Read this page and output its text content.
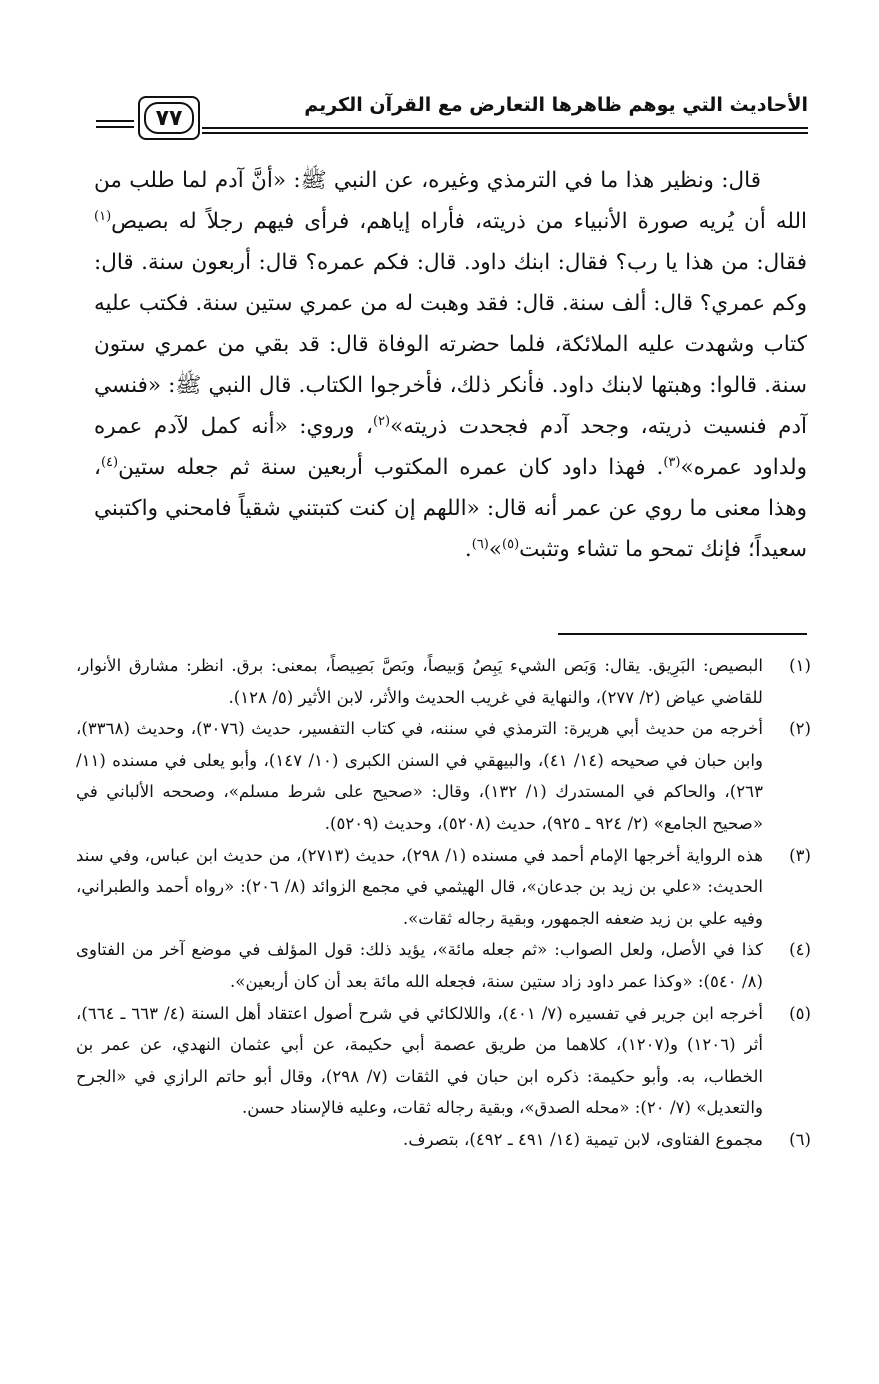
الأحاديث التي يوهم ظاهرها التعارض مع القرآن الكريم
٧٧

قال: ونظير هذا ما في الترمذي وغيره، عن النبي ﷺ: «أنَّ آدم لما طلب من الله أن يُريه صورة الأنبياء من ذريته، فأراه إياهم، فرأى فيهم رجلاً له بصيص$^{(١)}$ فقال: من هذا يا رب؟ فقال: ابنك داود. قال: فكم عمره؟ قال: أربعون سنة. قال: وكم عمري؟ قال: ألف سنة. قال: فقد وهبت له من عمري ستين سنة. فكتب عليه كتاب وشهدت عليه الملائكة، فلما حضرته الوفاة قال: قد بقي من عمري ستون سنة. قالوا: وهبتها لابنك داود. فأنكر ذلك، فأخرجوا الكتاب. قال النبي ﷺ: «فنسي آدم فنسيت ذريته، وجحد آدم فجحدت ذريته»$^{(٢)}$، وروي: «أنه كمل لآدم عمره ولداود عمره»$^{(٣)}$. فهذا داود كان عمره المكتوب أربعين سنة ثم جعله ستين$^{(٤)}$، وهذا معنى ما روي عن عمر أنه قال: «اللهم إن كنت كتبتني شقياً فامحني واكتبني سعيداً؛ فإنك تمحو ما تشاء وتثبت$^{(٥)}$»$^{(٦)}$.

(١)
البصيص: البَرِيق. يقال: وَبَص الشيء يَبِصُ وَبيصاً، وبَصَّ بَصِيصاً، بمعنى: برق. انظر: مشارق الأنوار، للقاضي عياض (٢/ ٢٧٧)، والنهاية في غريب الحديث والأثر، لابن الأثير (٥/ ١٢٨).
(٢)
أخرجه من حديث أبي هريرة: الترمذي في سننه، في كتاب التفسير، حديث (٣٠٧٦)، وحديث (٣٣٦٨)، وابن حبان في صحيحه (١٤/ ٤١)، والبيهقي في السنن الكبرى (١٠/ ١٤٧)، وأبو يعلى في مسنده (١١/ ٢٦٣)، والحاكم في المستدرك (١/ ١٣٢)، وقال: «صحيح على شرط مسلم»، وصححه الألباني في «صحيح الجامع» (٢/ ٩٢٤ ـ ٩٢٥)، حديث (٥٢٠٨)، وحديث (٥٢٠٩).
(٣)
هذه الرواية أخرجها الإمام أحمد في مسنده (١/ ٢٩٨)، حديث (٢٧١٣)، من حديث ابن عباس، وفي سند الحديث: «علي بن زيد بن جدعان»، قال الهيثمي في مجمع الزوائد (٨/ ٢٠٦): «رواه أحمد والطبراني، وفيه علي بن زيد ضعفه الجمهور، وبقية رجاله ثقات».
(٤)
كذا في الأصل، ولعل الصواب: «ثم جعله مائة»، يؤيد ذلك: قول المؤلف في موضع آخر من الفتاوى (٨/ ٥٤٠): «وكذا عمر داود زاد ستين سنة، فجعله الله مائة بعد أن كان أربعين».
(٥)
أخرجه ابن جرير في تفسيره (٧/ ٤٠١)، واللالكائي في شرح أصول اعتقاد أهل السنة (٤/ ٦٦٣ ـ ٦٦٤)، أثر (١٢٠٦) و(١٢٠٧)، كلاهما من طريق عصمة أبي حكيمة، عن أبي عثمان النهدي، عن عمر بن الخطاب، به. وأبو حكيمة: ذكره ابن حبان في الثقات (٧/ ٢٩٨)، وقال أبو حاتم الرازي في «الجرح والتعديل» (٧/ ٢٠): «محله الصدق»، وبقية رجاله ثقات، وعليه فالإسناد حسن.
(٦)
مجموع الفتاوى، لابن تيمية (١٤/ ٤٩١ ـ ٤٩٢)، بتصرف.
